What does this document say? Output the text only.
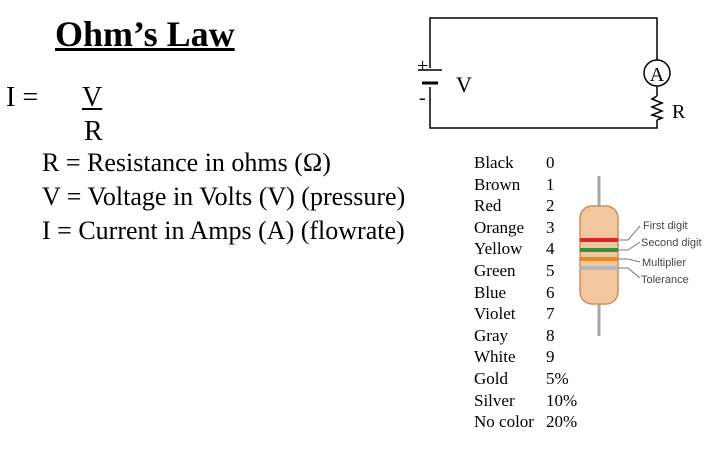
Ohm’s Law
I = V
R
R = Resistance in ohms (Ω)
V = Voltage in Volts (V) (pressure)
I = Current in Amps (A) (flowrate)
A
+
-
V
R
First digit
Second digit
Multiplier
Tolerance
Black 0
Brown 1
Red	2
Orange 3
Yellow 4
Green 5
Blue 6
Violet 7
Gray 8
White 9
Gold 5%
Silver 10%
No color 20%
